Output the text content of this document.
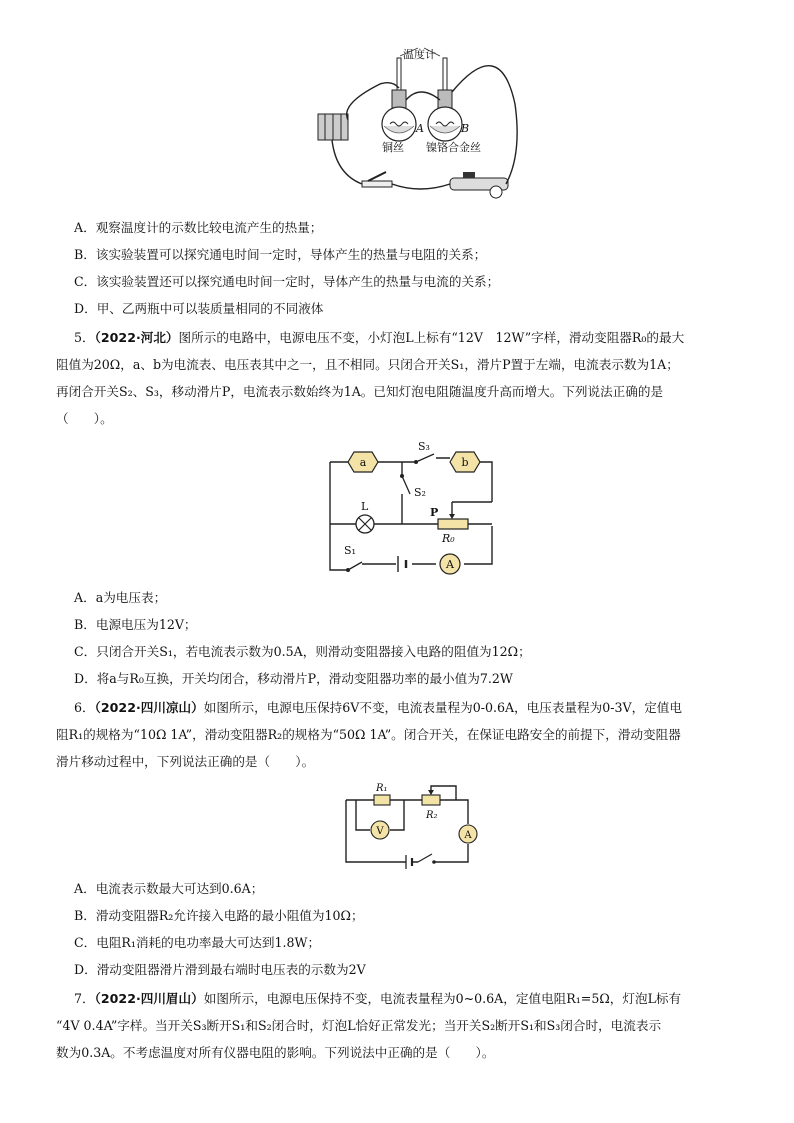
温度计
A	B
铜丝 镍铬合金丝
A．观察温度计的示数比较电流产生的热量；
B．该实验装置可以探究通电时间一定时，导体产生的热量与电阻的关系；
C．该实验装置还可以探究通电时间一定时，导体产生的热量与电流的关系；
D．甲、乙两瓶中可以装质量相同的不同液体
5．（2022·河北）图所示的电路中，电源电压不变，小灯泡L上标有“12V　12W”字样，滑动变阻器R₀的最大
阻值为20Ω，a、b为电流表、电压表其中之一，且不相同。只闭合开关S₁，滑片P置于左端，电流表示数为1A；
再闭合开关S₂、S₃，移动滑片P，电流表示数始终为1A。已知灯泡电阻随温度升高而增大。下列说法正确的是
（　　）。
a	b
S₃
S₂
L	P
R₀
S₁
A
A．a为电压表；
B．电源电压为12V；
C．只闭合开关S₁，若电流表示数为0.5A，则滑动变阻器接入电路的阻值为12Ω；
D．将a与R₀互换，开关均闭合，移动滑片P，滑动变阻器功率的最小值为7.2W
6．（2022·四川凉山）如图所示，电源电压保持6V不变，电流表量程为0-0.6A，电压表量程为0-3V，定值电
阻R₁的规格为“10Ω 1A”，滑动变阻器R₂的规格为“50Ω 1A”。闭合开关，在保证电路安全的前提下，滑动变阻器
滑片移动过程中，下列说法正确的是（　　）。
R₁
R₂
V	A
A．电流表示数最大可达到0.6A；
B．滑动变阻器R₂允许接入电路的最小阻值为10Ω；
C．电阻R₁消耗的电功率最大可达到1.8W；
D．滑动变阻器滑片滑到最右端时电压表的示数为2V
7．（2022·四川眉山）如图所示，电源电压保持不变，电流表量程为0~0.6A，定值电阻R₁=5Ω，灯泡L标有
“4V 0.4A”字样。当开关S₃断开S₁和S₂闭合时，灯泡L恰好正常发光；当开关S₂断开S₁和S₃闭合时，电流表示
数为0.3A。不考虑温度对所有仪器电阻的影响。下列说法中正确的是（　　）。
